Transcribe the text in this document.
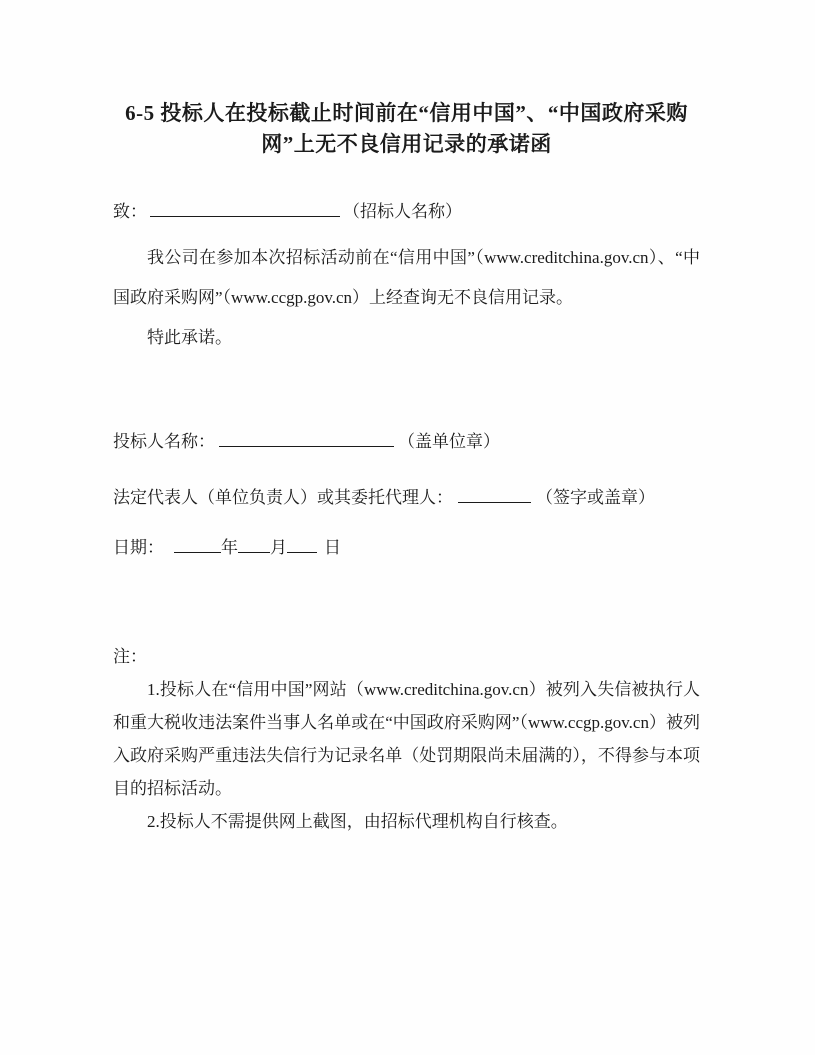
6-5 投标人在投标截止时间前在“信用中国”、“中国政府采购
网”上无不良信用记录的承诺函
致：	（招标人名称）

我公司在参加本次招标活动前在“信用中国”（www.creditchina.gov.cn）、“中国政府采购网”（www.ccgp.gov.cn）上经查询无不良信用记录。

特此承诺。

投标人名称：	（盖单位章）
法定代表人（单位负责人）或其委托代理人：	（签字或盖章）
日期：	年 月 日

注：

1.投标人在“信用中国”网站（www.creditchina.gov.cn）被列入失信被执行人和重大税收违法案件当事人名单或在“中国政府采购网”（www.ccgp.gov.cn）被列入政府采购严重违法失信行为记录名单（处罚期限尚未届满的），不得参与本项目的招标活动。

2.投标人不需提供网上截图，由招标代理机构自行核查。
